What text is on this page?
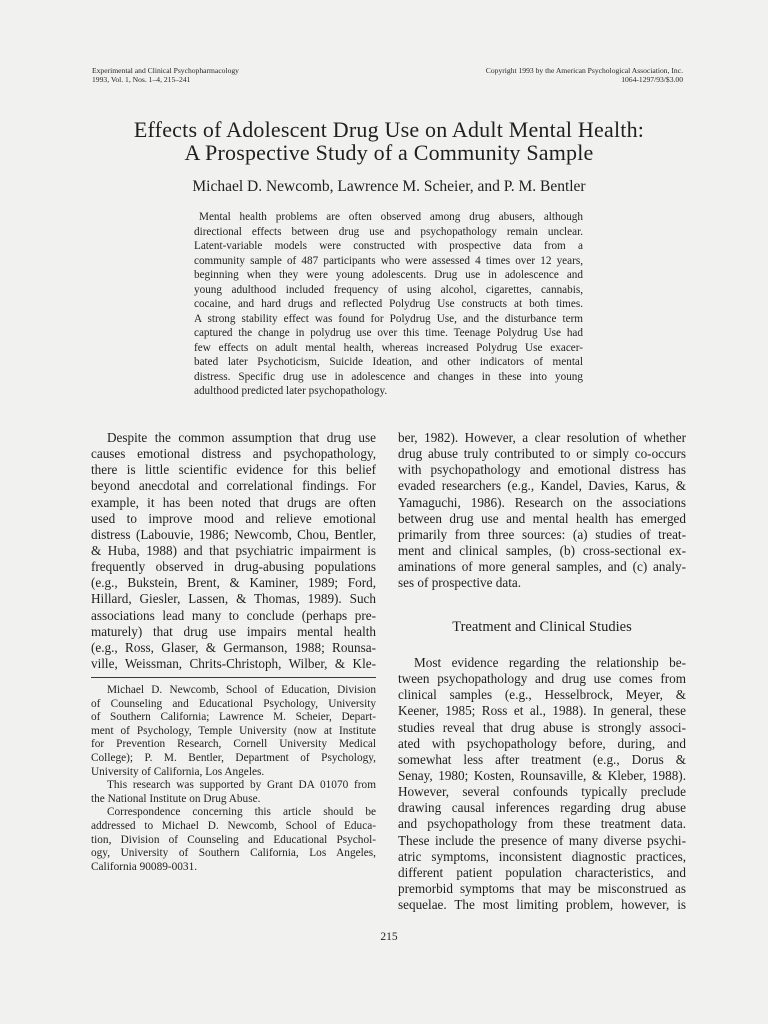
Experimental and Clinical Psychopharmacology
1993, Vol. 1, Nos. 1–4, 215–241
Copyright 1993 by the American Psychological Association, Inc.
1064-1297/93/$3.00
Effects of Adolescent Drug Use on Adult Mental Health:
A Prospective Study of a Community Sample
Michael D. Newcomb, Lawrence M. Scheier, and P. M. Bentler
Mental health problems are often observed among drug abusers, although
directional effects between drug use and psychopathology remain unclear.
Latent-variable models were constructed with prospective data from a
community sample of 487 participants who were assessed 4 times over 12 years,
beginning when they were young adolescents. Drug use in adolescence and
young adulthood included frequency of using alcohol, cigarettes, cannabis,
cocaine, and hard drugs and reflected Polydrug Use constructs at both times.
A strong stability effect was found for Polydrug Use, and the disturbance term
captured the change in polydrug use over this time. Teenage Polydrug Use had
few effects on adult mental health, whereas increased Polydrug Use exacer-
bated later Psychoticism, Suicide Ideation, and other indicators of mental
distress. Specific drug use in adolescence and changes in these into young
adulthood predicted later psychopathology.
Despite the common assumption that drug use
causes emotional distress and psychopathology,
there is little scientific evidence for this belief
beyond anecdotal and correlational findings. For
example, it has been noted that drugs are often
used to improve mood and relieve emotional
distress (Labouvie, 1986; Newcomb, Chou, Bentler,
& Huba, 1988) and that psychiatric impairment is
frequently observed in drug-abusing populations
(e.g., Bukstein, Brent, & Kaminer, 1989; Ford,
Hillard, Giesler, Lassen, & Thomas, 1989). Such
associations lead many to conclude (perhaps pre-
maturely) that drug use impairs mental health
(e.g., Ross, Glaser, & Germanson, 1988; Rounsa-
ville, Weissman, Chrits-Christoph, Wilber, & Kle-
Michael D. Newcomb, School of Education, Division
of Counseling and Educational Psychology, University
of Southern California; Lawrence M. Scheier, Depart-
ment of Psychology, Temple University (now at Institute
for Prevention Research, Cornell University Medical
College); P. M. Bentler, Department of Psychology,
University of California, Los Angeles.
This research was supported by Grant DA 01070 from
the National Institute on Drug Abuse.
Correspondence concerning this article should be
addressed to Michael D. Newcomb, School of Educa-
tion, Division of Counseling and Educational Psychol-
ogy, University of Southern California, Los Angeles,
California 90089-0031.
ber, 1982). However, a clear resolution of whether
drug abuse truly contributed to or simply co-occurs
with psychopathology and emotional distress has
evaded researchers (e.g., Kandel, Davies, Karus, &
Yamaguchi, 1986). Research on the associations
between drug use and mental health has emerged
primarily from three sources: (a) studies of treat-
ment and clinical samples, (b) cross-sectional ex-
aminations of more general samples, and (c) analy-
ses of prospective data.
Treatment and Clinical Studies
Most evidence regarding the relationship be-
tween psychopathology and drug use comes from
clinical samples (e.g., Hesselbrock, Meyer, &
Keener, 1985; Ross et al., 1988). In general, these
studies reveal that drug abuse is strongly associ-
ated with psychopathology before, during, and
somewhat less after treatment (e.g., Dorus &
Senay, 1980; Kosten, Rounsaville, & Kleber, 1988).
However, several confounds typically preclude
drawing causal inferences regarding drug abuse
and psychopathology from these treatment data.
These include the presence of many diverse psychi-
atric symptoms, inconsistent diagnostic practices,
different patient population characteristics, and
premorbid symptoms that may be misconstrued as
sequelae. The most limiting problem, however, is
215
